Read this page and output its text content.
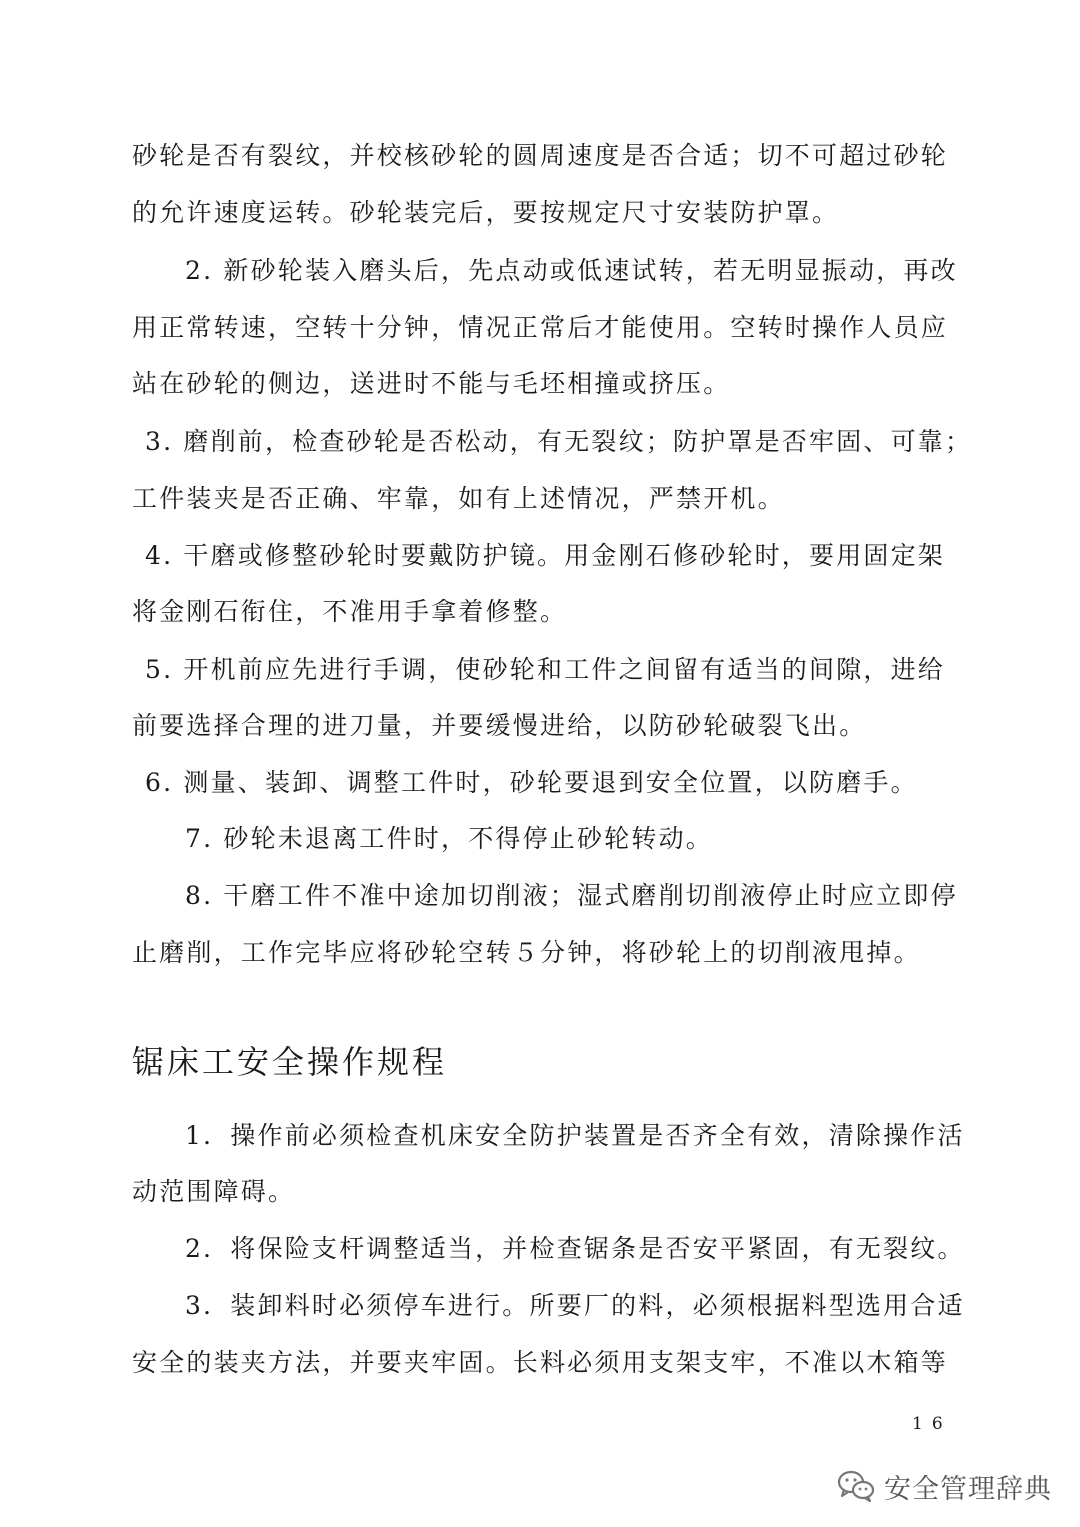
砂轮是否有裂纹，并校核砂轮的圆周速度是否合适；切不可超过砂轮
的允许速度运转。砂轮装完后，要按规定尺寸安装防护罩。
2. 新砂轮装入磨头后，先点动或低速试转，若无明显振动，再改
用正常转速，空转十分钟，情况正常后才能使用。空转时操作人员应
站在砂轮的侧边，送进时不能与毛坯相撞或挤压。
3. 磨削前，检查砂轮是否松动，有无裂纹；防护罩是否牢固、可靠；
工件装夹是否正确、牢靠，如有上述情况，严禁开机。
4. 干磨或修整砂轮时要戴防护镜。用金刚石修砂轮时，要用固定架
将金刚石衔住，不准用手拿着修整。
5. 开机前应先进行手调，使砂轮和工件之间留有适当的间隙，进给
前要选择合理的进刀量，并要缓慢进给，以防砂轮破裂飞出。
6. 测量、装卸、调整工件时，砂轮要退到安全位置，以防磨手。
7. 砂轮未退离工件时，不得停止砂轮转动。
8. 干磨工件不准中途加切削液；湿式磨削切削液停止时应立即停
止磨削，工作完毕应将砂轮空转５分钟，将砂轮上的切削液甩掉。
锯床工安全操作规程
1．操作前必须检查机床安全防护装置是否齐全有效，清除操作活
动范围障碍。
2．将保险支杆调整适当，并检查锯条是否安平紧固，有无裂纹。
3．装卸料时必须停车进行。所要厂的料，必须根据料型选用合适
安全的装夹方法，并要夹牢固。长料必须用支架支牢，不准以木箱等
16
安全管理辞典
